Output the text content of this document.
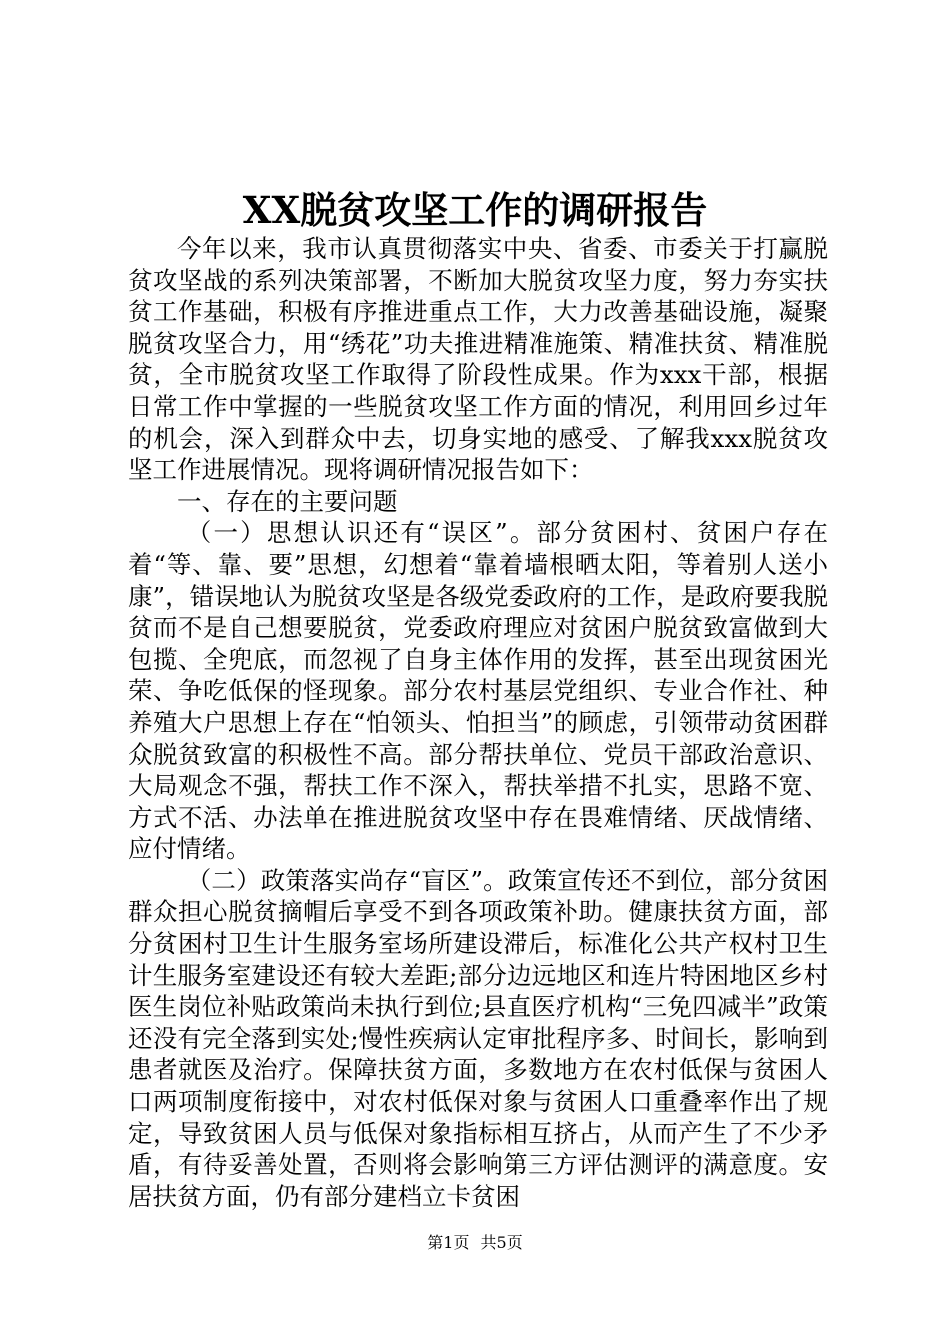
XX脱贫攻坚工作的调研报告

今年以来，我市认真贯彻落实中央、省委、市委关于打赢脱贫攻坚战的系列决策部署，不断加大脱贫攻坚力度，努力夯实扶贫工作基础，积极有序推进重点工作，大力改善基础设施，凝聚脱贫攻坚合力，用“绣花”功夫推进精准施策、精准扶贫、精准脱贫，全市脱贫攻坚工作取得了阶段性成果。作为xxx干部，根据日常工作中掌握的一些脱贫攻坚工作方面的情况，利用回乡过年的机会，深入到群众中去，切身实地的感受、了解我xxx脱贫攻坚工作进展情况。现将调研情况报告如下：

一、存在的主要问题

（一）思想认识还有“误区”。部分贫困村、贫困户存在着“等、靠、要”思想，幻想着“靠着墙根晒太阳，等着别人送小康”，错误地认为脱贫攻坚是各级党委政府的工作，是政府要我脱贫而不是自己想要脱贫，党委政府理应对贫困户脱贫致富做到大包揽、全兜底，而忽视了自身主体作用的发挥，甚至出现贫困光荣、争吃低保的怪现象。部分农村基层党组织、专业合作社、种养殖大户思想上存在“怕领头、怕担当”的顾虑，引领带动贫困群众脱贫致富的积极性不高。部分帮扶单位、党员干部政治意识、大局观念不强，帮扶工作不深入，帮扶举措不扎实，思路不宽、方式不活、办法单在推进脱贫攻坚中存在畏难情绪、厌战情绪、应付情绪。

（二）政策落实尚存“盲区”。政策宣传还不到位，部分贫困群众担心脱贫摘帽后享受不到各项政策补助。健康扶贫方面，部分贫困村卫生计生服务室场所建设滞后，标准化公共产权村卫生计生服务室建设还有较大差距;部分边远地区和连片特困地区乡村医生岗位补贴政策尚未执行到位;县直医疗机构“三免四减半”政策还没有完全落到实处;慢性疾病认定审批程序多、时间长，影响到患者就医及治疗。保障扶贫方面，多数地方在农村低保与贫困人口两项制度衔接中，对农村低保对象与贫困人口重叠率作出了规定，导致贫困人员与低保对象指标相互挤占，从而产生了不少矛盾，有待妥善处置，否则将会影响第三方评估测评的满意度。安居扶贫方面，仍有部分建档立卡贫困

第1页 共5页
